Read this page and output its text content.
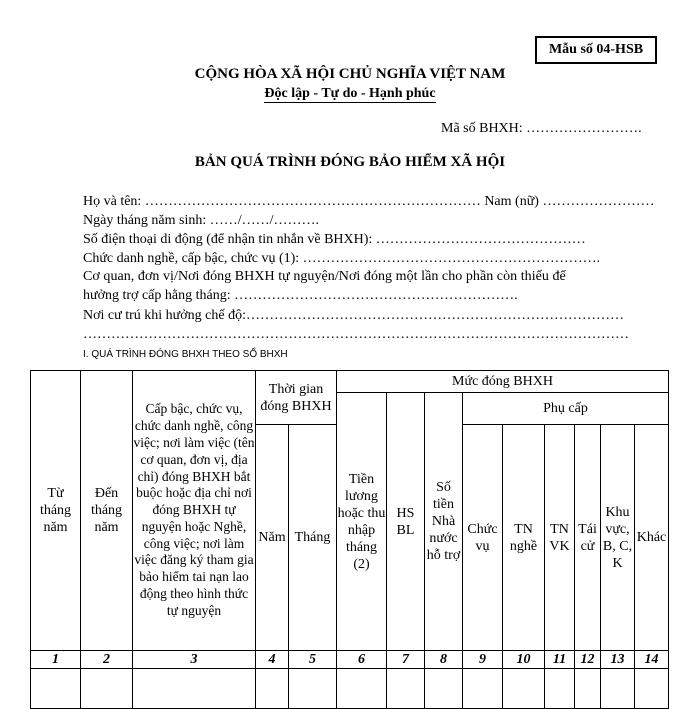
Mẫu số 04-HSB
CỘNG HÒA XÃ HỘI CHỦ NGHĨA VIỆT NAM
Độc lập - Tự do - Hạnh phúc
Mã số BHXH: …………………….
BẢN QUÁ TRÌNH ĐÓNG BẢO HIỂM XÃ HỘI
Họ và tên: ……………………………………………………………… Nam (nữ) ……………………
Ngày tháng năm sinh: ……/……/……….
Số điện thoại di động (để nhận tin nhắn về BHXH): ………………………………………
Chức danh nghề, cấp bậc, chức vụ (1): ……………………………………………………….
Cơ quan, đơn vị/Nơi đóng BHXH tự nguyện/Nơi đóng một lần cho phần còn thiếu để
hưởng trợ cấp hằng tháng: …………………………………………………….
Nơi cư trú khi hưởng chế độ:………………………………………………………………………
………………………………………………………………………………………………………
I. QUÁ TRÌNH ĐÓNG BHXH THEO SỔ BHXH
Từ tháng năm	Đến tháng năm	Cấp bậc, chức vụ, chức danh nghề, công việc; nơi làm việc (tên cơ quan, đơn vị, địa chỉ) đóng BHXH bắt buộc hoặc địa chỉ nơi đóng BHXH tự nguyện hoặc Nghề, công việc; nơi làm việc đăng ký tham gia bảo hiểm tai nạn lao động theo hình thức tự nguyện	Thời gian đóng BHXH		Mức đóng BHXH								
					Tiền lương hoặc thu nhập tháng (2)	HS BL	Số tiền Nhà nước hỗ trợ	Phụ cấp					
			Năm	Tháng				Chức vụ	TN nghề	TN VK	Tái cử	Khu vực, B, C, K	Khác

1	2	3	4	5	6	7	8	9	10	11	12	13	14
